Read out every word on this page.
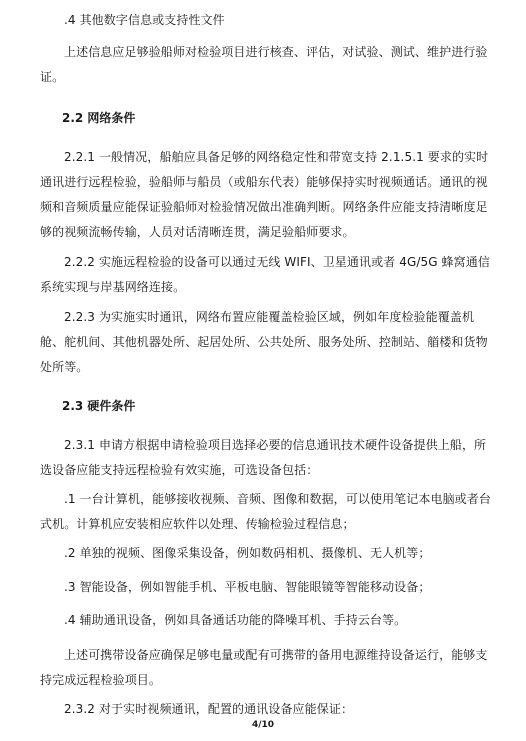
.4 其他数字信息或支持性文件
上述信息应足够验船师对检验项目进行核查、评估，对试验、测试、维护进行验证。
2.2 网络条件
2.2.1 一般情况，船舶应具备足够的网络稳定性和带宽支持 2.1.5.1 要求的实时通讯进行远程检验，验船师与船员（或船东代表）能够保持实时视频通话。通讯的视频和音频质量应能保证验船师对检验情况做出准确判断。网络条件应能支持清晰度足够的视频流畅传输，人员对话清晰连贯，满足验船师要求。
2.2.2 实施远程检验的设备可以通过无线 WIFI、卫星通讯或者 4G/5G 蜂窝通信系统实现与岸基网络连接。
2.2.3 为实施实时通讯，网络布置应能覆盖检验区域，例如年度检验能覆盖机舱、舵机间、其他机器处所、起居处所、公共处所、服务处所、控制站、艏楼和货物处所等。
2.3 硬件条件
2.3.1 申请方根据申请检验项目选择必要的信息通讯技术硬件设备提供上船，所选设备应能支持远程检验有效实施，可选设备包括：
.1 一台计算机，能够接收视频、音频、图像和数据，可以使用笔记本电脑或者台式机。计算机应安装相应软件以处理、传输检验过程信息；
.2 单独的视频、图像采集设备，例如数码相机、摄像机、无人机等；
.3 智能设备，例如智能手机、平板电脑、智能眼镜等智能移动设备；
.4 辅助通讯设备，例如具备通话功能的降噪耳机、手持云台等。
上述可携带设备应确保足够电量或配有可携带的备用电源维持设备运行，能够支持完成远程检验项目。
2.3.2 对于实时视频通讯，配置的通讯设备应能保证：
4/10
